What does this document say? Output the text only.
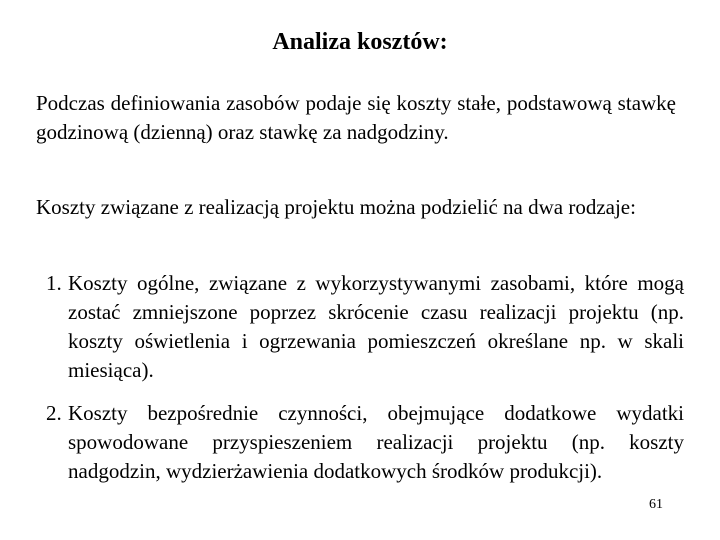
Analiza kosztów:

Podczas definiowania zasobów podaje się koszty stałe, podstawową stawkę godzinową (dzienną) oraz stawkę za nadgodziny.

Koszty związane z realizacją projektu można podzielić na dwa rodzaje:

1. Koszty ogólne, związane z wykorzystywanymi zasobami, które mogą zostać zmniejszone poprzez skrócenie czasu realizacji projektu (np. koszty oświetlenia i ogrzewania pomieszczeń określane np. w skali miesiąca).
2. Koszty bezpośrednie czynności, obejmujące dodatkowe wydatki spowodowane przyspieszeniem realizacji projektu (np. koszty nadgodzin, wydzierżawienia dodatkowych środków produkcji).

61
